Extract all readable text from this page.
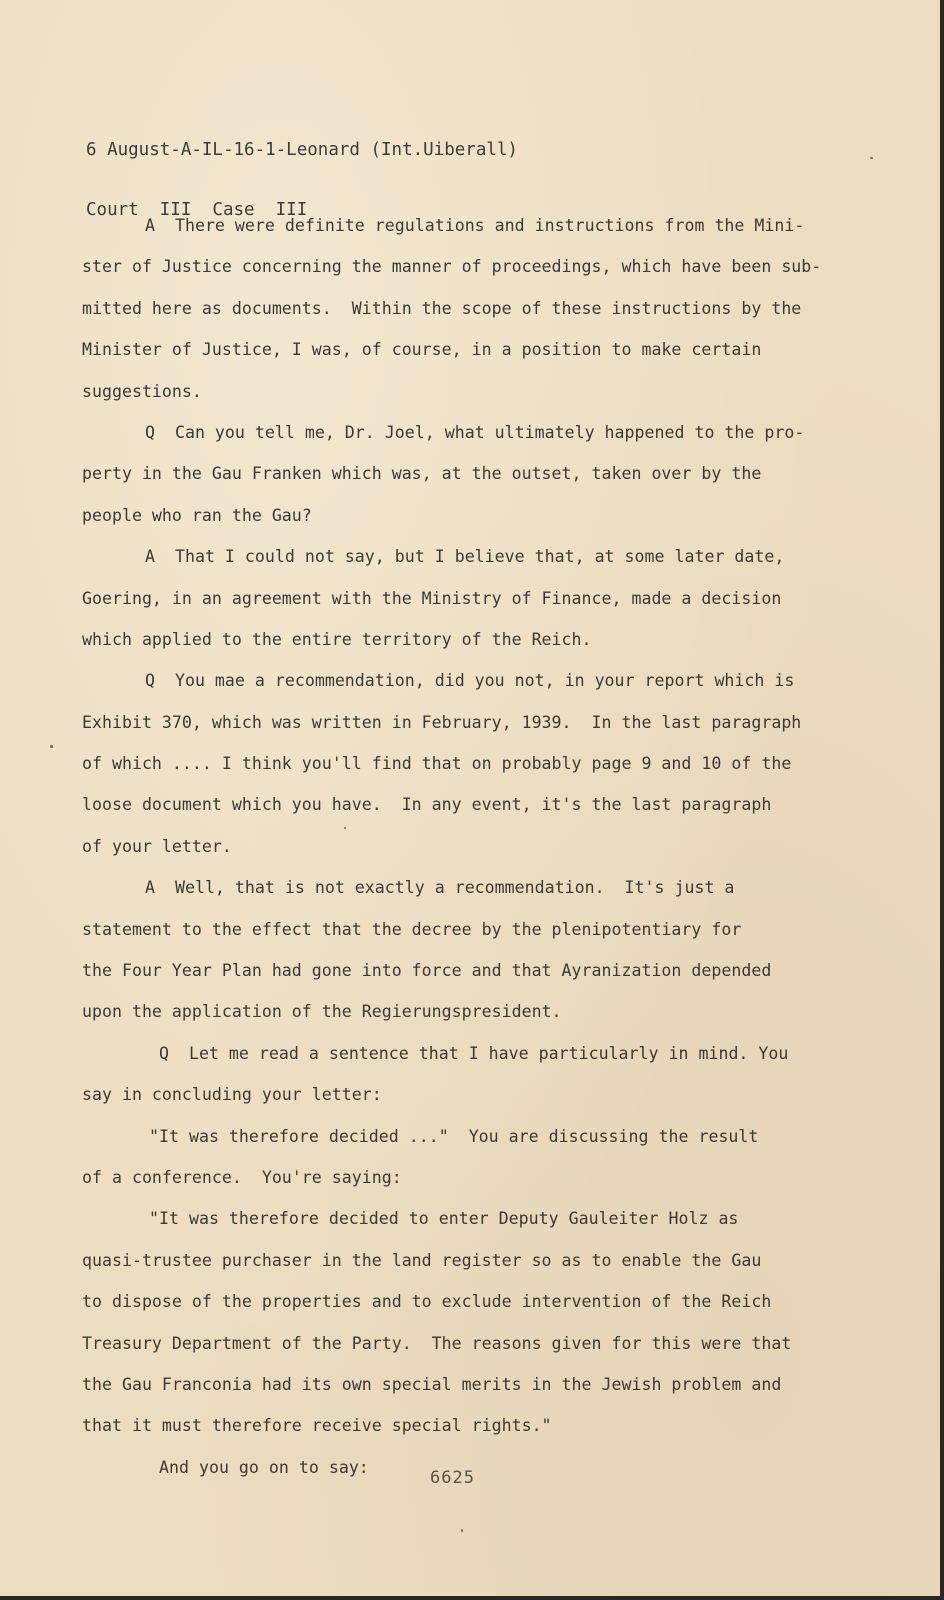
6 August-A-IL-16-1-Leonard (Int.Uiberall)

Court  III  Case  III

A  There were definite regulations and instructions from the Mini-
ster of Justice concerning the manner of proceedings, which have been sub-
mitted here as documents.  Within the scope of these instructions by the
Minister of Justice, I was, of course, in a position to make certain
suggestions.
Q  Can you tell me, Dr. Joel, what ultimately happened to the pro-
perty in the Gau Franken which was, at the outset, taken over by the
people who ran the Gau?
A  That I could not say, but I believe that, at some later date,
Goering, in an agreement with the Ministry of Finance, made a decision
which applied to the entire territory of the Reich.
Q  You mae a recommendation, did you not, in your report which is
Exhibit 370, which was written in February, 1939.  In the last paragraph
of which .... I think you'll find that on probably page 9 and 10 of the
loose document which you have.  In any event, it's the last paragraph
of your letter.
A  Well, that is not exactly a recommendation.  It's just a
statement to the effect that the decree by the plenipotentiary for
the Four Year Plan had gone into force and that Ayranization depended
upon the application of the Regierungspresident.
Q  Let me read a sentence that I have particularly in mind. You
say in concluding your letter:
"It was therefore decided ..."  You are discussing the result
of a conference.  You're saying:
"It was therefore decided to enter Deputy Gauleiter Holz as
quasi-trustee purchaser in the land register so as to enable the Gau
to dispose of the properties and to exclude intervention of the Reich
Treasury Department of the Party.  The reasons given for this were that
the Gau Franconia had its own special merits in the Jewish problem and
that it must therefore receive special rights."
And you go on to say:
6625
